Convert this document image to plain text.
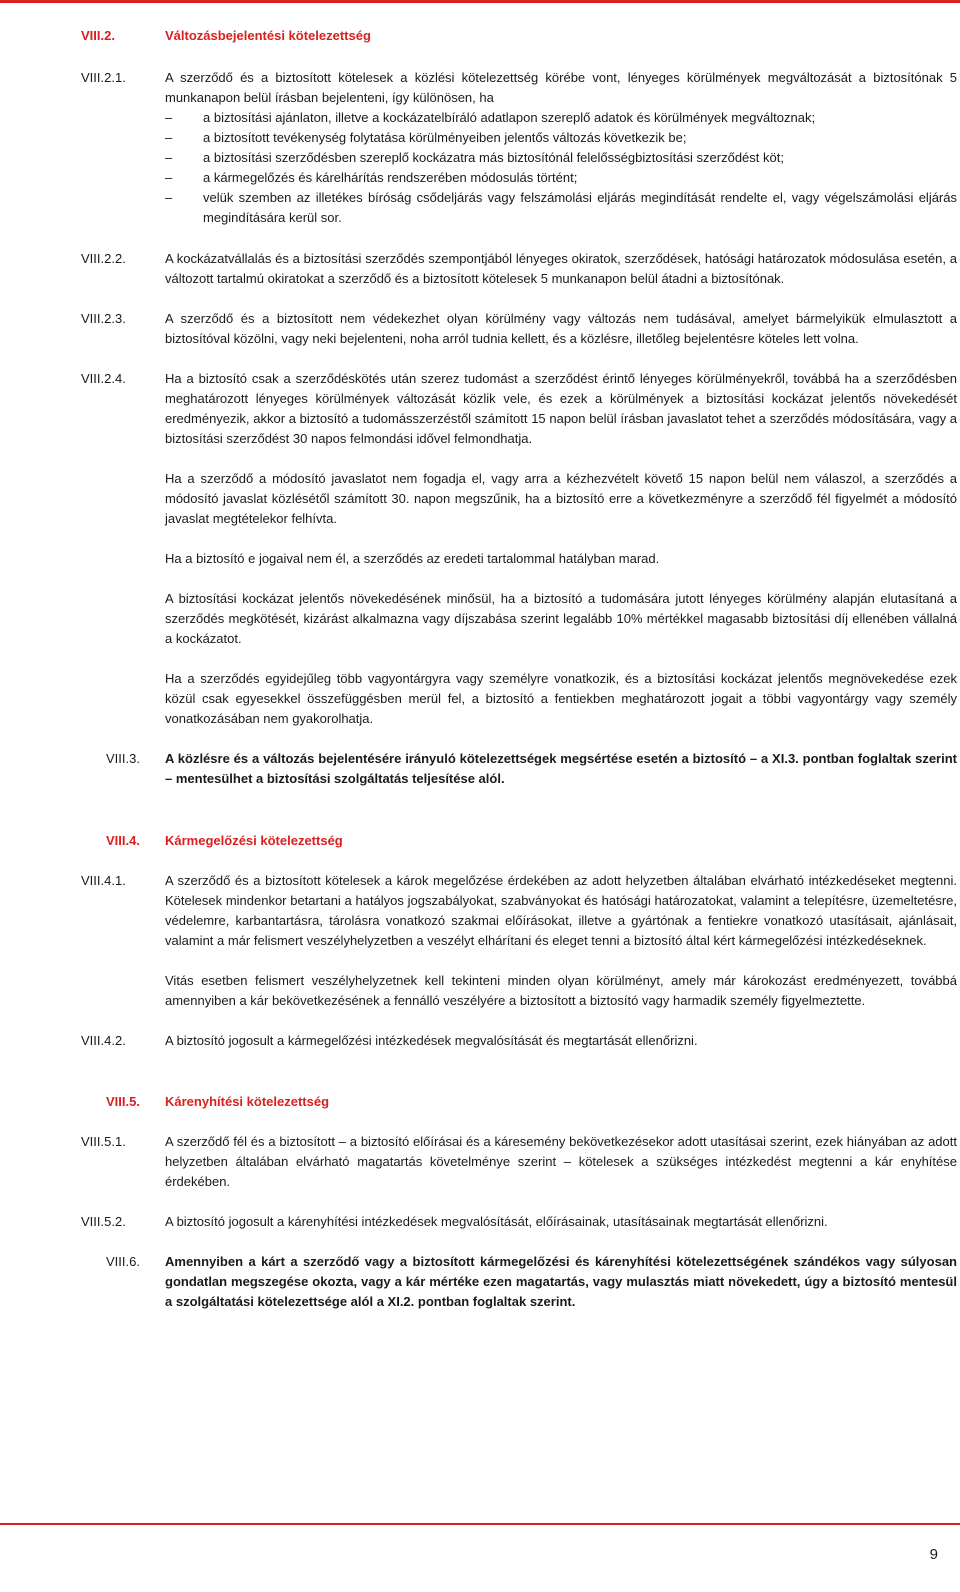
VIII.2.	Változásbejelentési kötelezettség
VIII.2.1.	A szerződő és a biztosított kötelesek a közlési kötelezettség körébe vont, lényeges körülmények megváltozását a biztosítónak 5 munkanapon belül írásban bejelenteni, így különösen, ha

–	a biztosítási ajánlaton, illetve a kockázatelbíráló adatlapon szereplő adatok és körülmények megváltoznak;
–	a biztosított tevékenység folytatása körülményeiben jelentős változás következik be;
–	a biztosítási szerződésben szereplő kockázatra más biztosítónál felelősségbiztosítási szerződést köt;
–	a kármegelőzés és kárelhárítás rendszerében módosulás történt;
–	velük szemben az illetékes bíróság csődeljárás vagy felszámolási eljárás megindítását rendelte el, vagy végelszámolási eljárás megindítására kerül sor.
VIII.2.2.	A kockázatvállalás és a biztosítási szerződés szempontjából lényeges okiratok, szerződések, hatósági határozatok módosulása esetén, a változott tartalmú okiratokat a szerződő és a biztosított kötelesek 5 munkanapon belül átadni a biztosítónak.

VIII.2.3.	A szerződő és a biztosított nem védekezhet olyan körülmény vagy változás nem tudásával, amelyet bármelyikük elmulasztott a biztosítóval közölni, vagy neki bejelenteni, noha arról tudnia kellett, és a közlésre, illetőleg bejelentésre köteles lett volna.

VIII.2.4.	Ha a biztosító csak a szerződéskötés után szerez tudomást a szerződést érintő lényeges körülményekről, továbbá ha a szerződésben meghatározott lényeges körülmények változását közlik vele, és ezek a körülmények a biztosítási kockázat jelentős növekedését eredményezik, akkor a biztosító a tudomásszerzéstől számított 15 napon belül írásban javaslatot tehet a szerződés módosítására, vagy a biztosítási szerződést 30 napos felmondási idővel felmondhatja.

Ha a szerződő a módosító javaslatot nem fogadja el, vagy arra a kézhezvételt követő 15 napon belül nem válaszol, a szerződés a módosító javaslat közlésétől számított 30. napon megszűnik, ha a biztosító erre a következményre a szerződő fél figyelmét a módosító javaslat megtételekor felhívta.

Ha a biztosító e jogaival nem él, a szerződés az eredeti tartalommal hatályban marad.

A biztosítási kockázat jelentős növekedésének minősül, ha a biztosító a tudomására jutott lényeges körülmény alapján elutasítaná a szerződés megkötését, kizárást alkalmazna vagy díjszabása szerint legalább 10% mértékkel magasabb biztosítási díj ellenében vállalná a kockázatot.

Ha a szerződés egyidejűleg több vagyontárgyra vagy személyre vonatkozik, és a biztosítási kockázat jelentős megnövekedése ezek közül csak egyesekkel összefüggésben merül fel, a biztosító a fentiekben meghatározott jogait a többi vagyontárgy vagy személy vonatkozásában nem gyakorolhatja.

VIII.3.	A közlésre és a változás bejelentésére irányuló kötelezettségek megsértése esetén a biztosító – a XI.3. pontban foglaltak szerint – mentesülhet a biztosítási szolgáltatás teljesítése alól.

VIII.4.	Kármegelőzési kötelezettség
VIII.4.1.	A szerződő és a biztosított kötelesek a károk megelőzése érdekében az adott helyzetben általában elvárható intézkedéseket megtenni. Kötelesek mindenkor betartani a hatályos jogszabályokat, szabványokat és hatósági határozatokat, valamint a telepítésre, üzemeltetésre, védelemre, karbantartásra, tárolásra vonatkozó szakmai előírásokat, illetve a gyártónak a fentiekre vonatkozó utasításait, ajánlásait, valamint a már felismert veszélyhelyzetben a veszélyt elhárítani és eleget tenni a biztosító által kért kármegelőzési intézkedéseknek.

Vitás esetben felismert veszélyhelyzetnek kell tekinteni minden olyan körülményt, amely már károkozást eredményezett, továbbá amennyiben a kár bekövetkezésének a fennálló veszélyére a biztosított a biztosító vagy harmadik személy figyelmeztette.

VIII.4.2.	A biztosító jogosult a kármegelőzési intézkedések megvalósítását és megtartását ellenőrizni.

VIII.5.	Kárenyhítési kötelezettség
VIII.5.1.	A szerződő fél és a biztosított – a biztosító előírásai és a káresemény bekövetkezésekor adott utasításai szerint, ezek hiányában az adott helyzetben általában elvárható magatartás követelménye szerint – kötelesek a szükséges intézkedést megtenni a kár enyhítése érdekében.

VIII.5.2.	A biztosító jogosult a kárenyhítési intézkedések megvalósítását, előírásainak, utasításainak megtartását ellenőrizni.

VIII.6.	Amennyiben a kárt a szerződő vagy a biztosított kármegelőzési és kárenyhítési kötelezettségének szándékos vagy súlyosan gondatlan megszegése okozta, vagy a kár mértéke ezen magatartás, vagy mulasztás miatt növekedett, úgy a biztosító mentesül a szolgáltatási kötelezettsége alól a XI.2. pontban foglaltak szerint.

9
